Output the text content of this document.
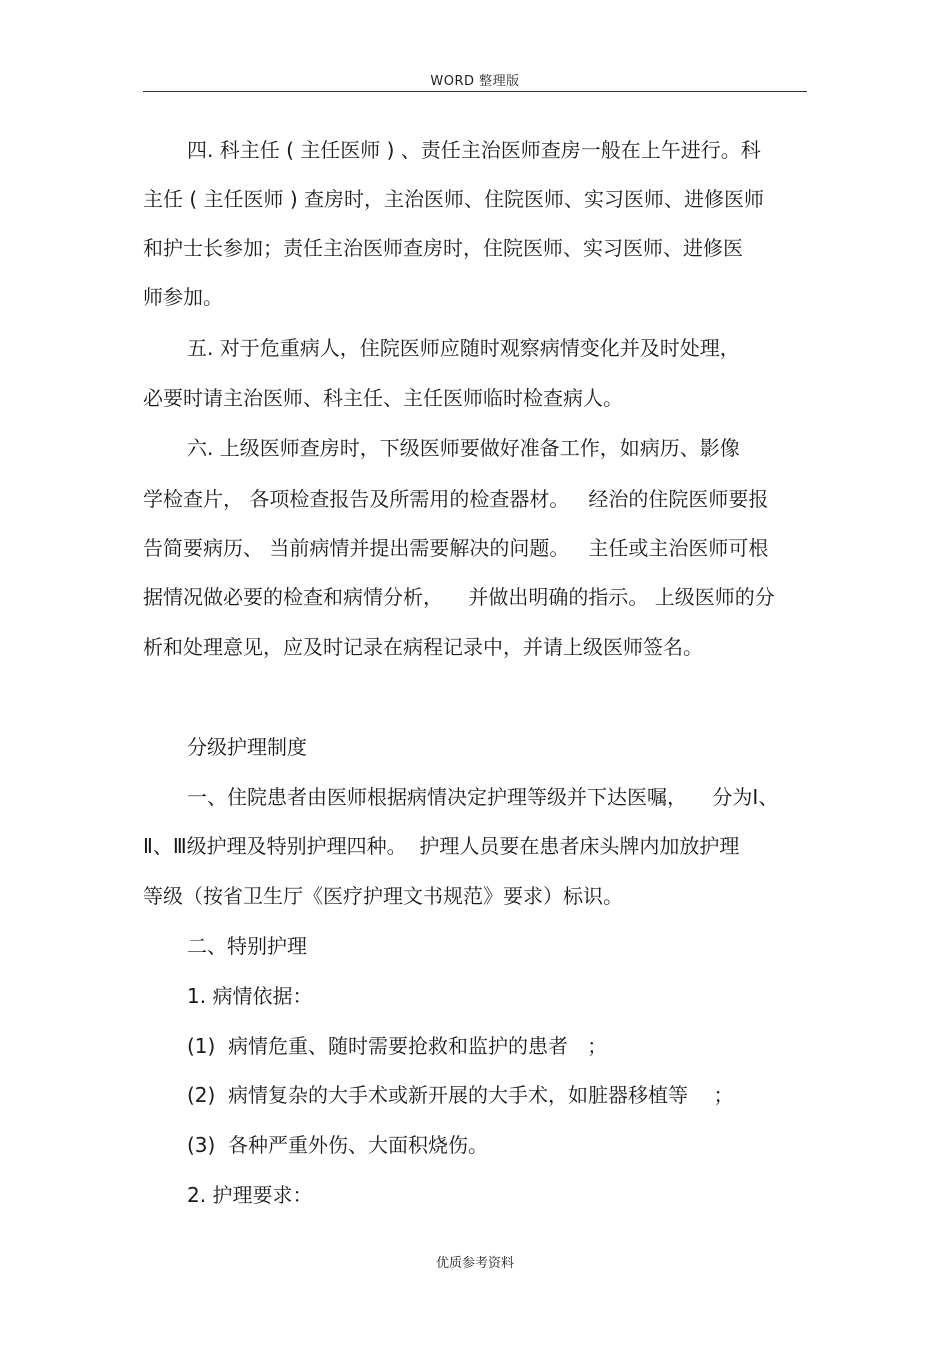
WORD 整理版
四. 科主任 ( 主任医师 ) 、责任主治医师查房一般在上午进行。科
主任 ( 主任医师 ) 查房时，主治医师、住院医师、实习医师、进修医师
和护士长参加；责任主治医师查房时，住院医师、实习医师、进修医
师参加。
五. 对于危重病人，住院医师应随时观察病情变化并及时处理，
必要时请主治医师、科主任、主任医师临时检查病人。
六. 上级医师查房时，下级医师要做好准备工作，如病历、影像
学检查片， 各项检查报告及所需用的检查器材。   经治的住院医师要报
告简要病历、 当前病情并提出需要解决的问题。   主任或主治医师可根
据情况做必要的检查和病情分析，    并做出明确的指示。 上级医师的分
析和处理意见，应及时记录在病程记录中，并请上级医师签名。
分级护理制度
一、住院患者由医师根据病情决定护理等级并下达医嘱，    分为Ⅰ、
Ⅱ、Ⅲ级护理及特别护理四种。  护理人员要在患者床头牌内加放护理
等级（按省卫生厅《医疗护理文书规范》要求）标识。
二、特别护理
1. 病情依据：
(1)  病情危重、随时需要抢救和监护的患者   ；
(2)  病情复杂的大手术或新开展的大手术，如脏器移植等    ；
(3)  各种严重外伤、大面积烧伤。
2. 护理要求：
优质参考资料
